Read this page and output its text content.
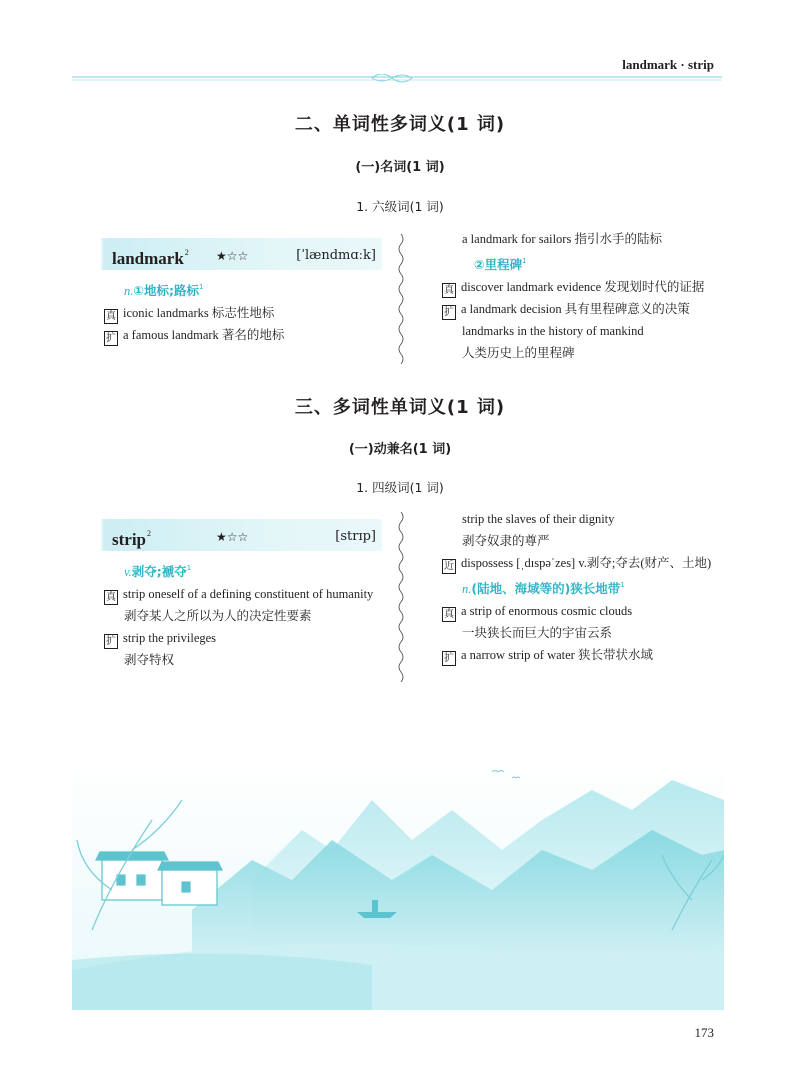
landmark · strip
二、单词性多词义(1 词)
(一)名词(1 词)
1. 六级词(1 词)
landmark$^2$ ★☆☆	[ˈlændmɑːk]
n.①地标;路标$^1$
真 iconic landmarks 标志性地标
扩 a famous landmark 著名的地标
a landmark for sailors 指引水手的陆标
②里程碑$^1$
真 discover landmark evidence 发现划时代的证据
扩 a landmark decision 具有里程碑意义的决策
landmarks in the history of mankind
人类历史上的里程碑
三、多词性单词义(1 词)
(一)动兼名(1 词)
1. 四级词(1 词)
strip$^2$	★☆☆	[strɪp]
v.剥夺;褫夺$^1$
真 strip oneself of a defining constituent of humanity
剥夺某人之所以为人的决定性要素
扩 strip the privileges
剥夺特权
strip the slaves of their dignity
剥夺奴隶的尊严
近 dispossess [ˌdɪspəˈzes] v.剥夺;夺去(财产、土地)
n.(陆地、海域等的)狭长地带$^1$
真 a strip of enormous cosmic clouds
一块狭长而巨大的宇宙云系
扩 a narrow strip of water 狭长带状水域
173
